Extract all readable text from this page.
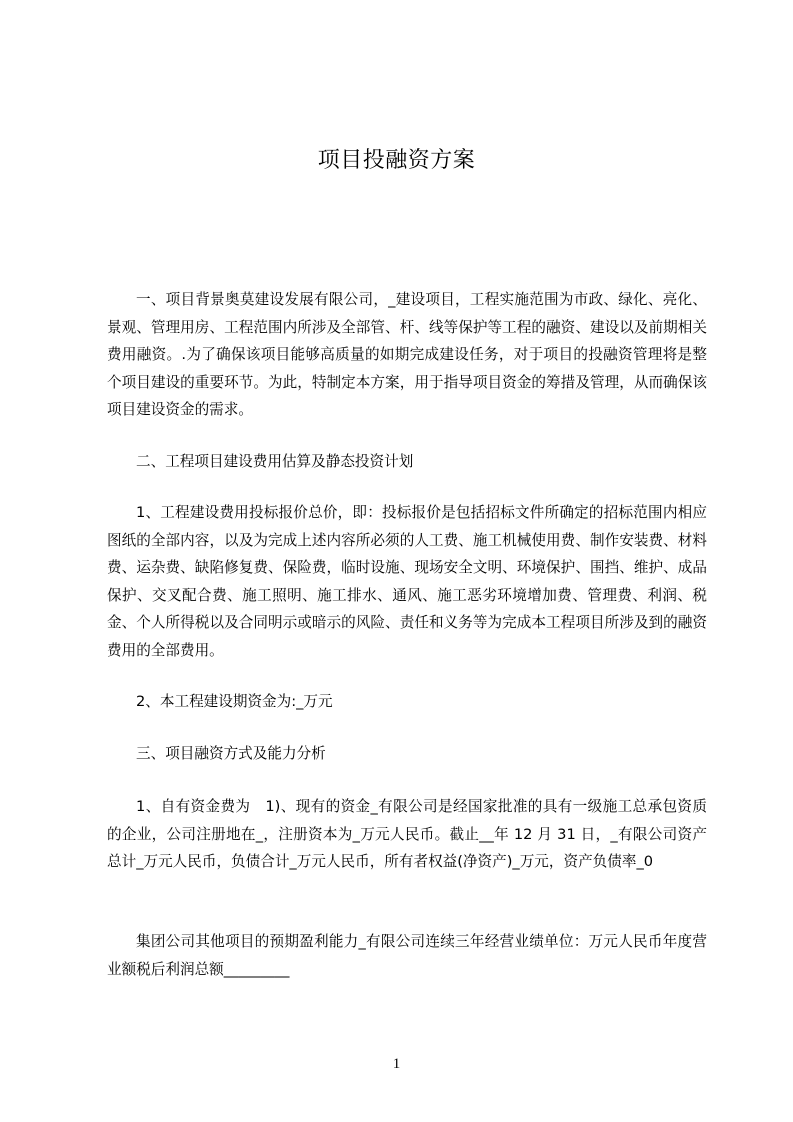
项目投融资方案

一、项目背景奥莫建设发展有限公司，_建设项目，工程实施范围为市政、绿化、亮化、景观、管理用房、工程范围内所涉及全部管、杆、线等保护等工程的融资、建设以及前期相关费用融资。.为了确保该项目能够高质量的如期完成建设任务，对于项目的投融资管理将是整个项目建设的重要环节。为此，特制定本方案，用于指导项目资金的筹措及管理，从而确保该项目建设资金的需求。

二、工程项目建设费用估算及静态投资计划

1、工程建设费用投标报价总价，即：投标报价是包括招标文件所确定的招标范围内相应图纸的全部内容，以及为完成上述内容所必须的人工费、施工机械使用费、制作安装费、材料费、运杂费、缺陷修复费、保险费，临时设施、现场安全文明、环境保护、围挡、维护、成品保护、交叉配合费、施工照明、施工排水、通风、施工恶劣环境增加费、管理费、利润、税金、个人所得税以及合同明示或暗示的风险、责任和义务等为完成本工程项目所涉及到的融资费用的全部费用。

2、本工程建设期资金为:_万元
三、项目融资方式及能力分析

1、自有资金费为　1)、现有的资金_有限公司是经国家批准的具有一级施工总承包资质的企业，公司注册地在_，注册资本为_万元人民币。截止__年 12 月 31 日，_有限公司资产总计_万元人民币，负债合计_万元人民币，所有者权益(净资产)_万元，资产负债率_0

集团公司其他项目的预期盈利能力_有限公司连续三年经营业绩单位：万元人民币年度营业额税后利润总额_________

1
